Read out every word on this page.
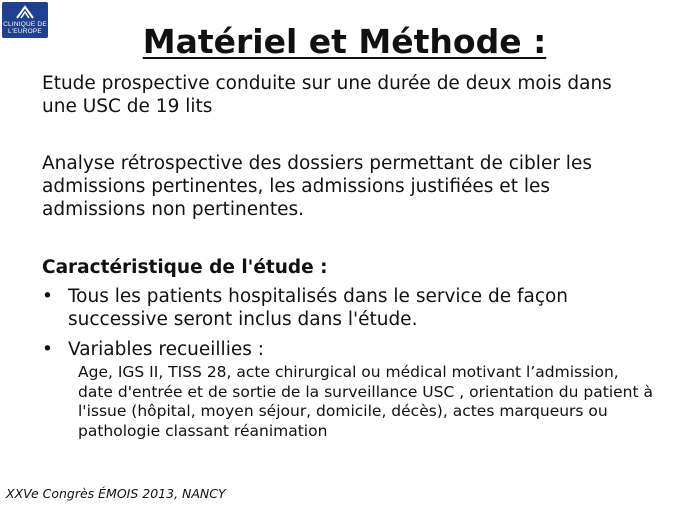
CLINIQUE DE
L'EUROPE	Matériel et Méthode :

Etude prospective conduite sur une durée de deux mois dans une USC de 19 lits

Analyse rétrospective des dossiers permettant de cibler les admissions pertinentes, les admissions justifiées et les admissions non pertinentes.

Caractéristique de l'étude :

• Tous les patients hospitalisés dans le service de façon successive seront inclus dans l'étude.
• Variables recueillies :

Age, IGS II, TISS 28, acte chirurgical ou médical motivant l’admission, date d'entrée et de sortie de la surveillance USC , orientation du patient à l'issue (hôpital, moyen séjour, domicile, décès), actes marqueurs ou pathologie classant réanimation

XXVe Congrès ÉMOIS 2013, NANCY
